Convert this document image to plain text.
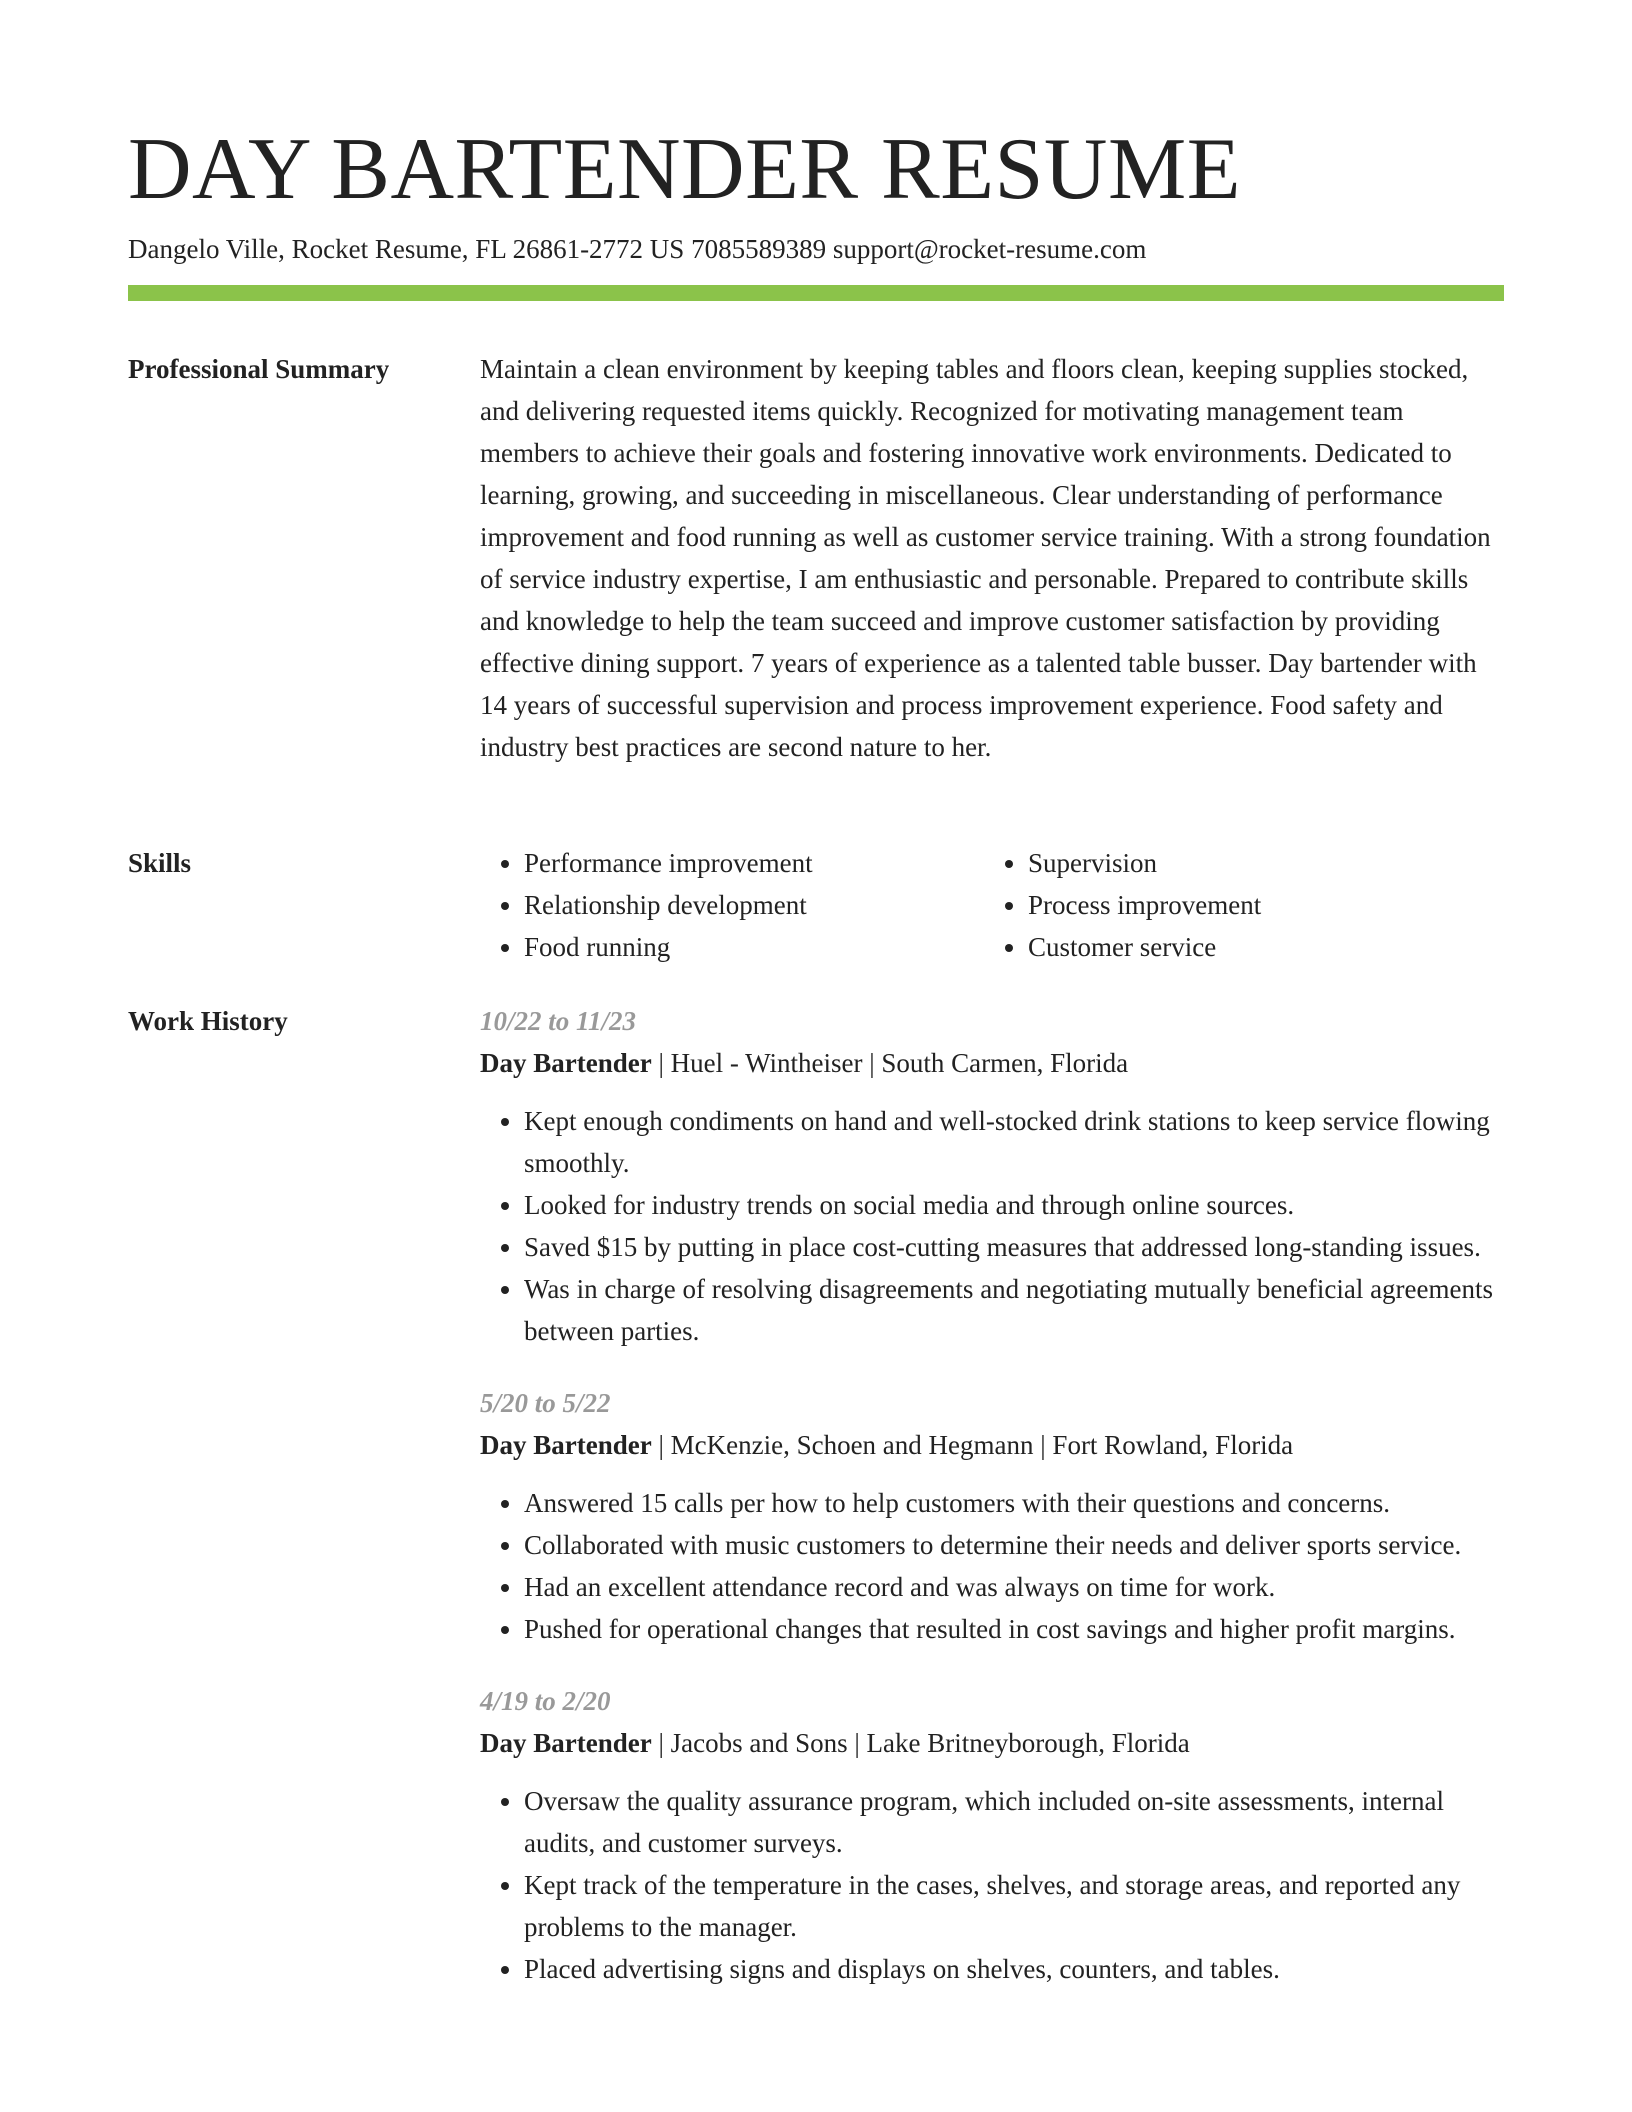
DAY BARTENDER RESUME
Dangelo Ville, Rocket Resume, FL 26861-2772 US 7085589389 support@rocket-resume.com
Professional Summary	Maintain a clean environment by keeping tables and floors clean, keeping supplies stocked, and delivering requested items quickly. Recognized for motivating management team members to achieve their goals and fostering innovative work environments. Dedicated to learning, growing, and succeeding in miscellaneous. Clear understanding of performance improvement and food running as well as customer service training. With a strong foundation of service industry expertise, I am enthusiastic and personable. Prepared to contribute skills and knowledge to help the team succeed and improve customer satisfaction by providing effective dining support. 7 years of experience as a talented table busser. Day bartender with 14 years of successful supervision and process improvement experience. Food safety and industry best practices are second nature to her.

Skills
•	Performance improvement
• Relationship development
• Food running
• Supervision
• Process improvement
• Customer service
Work History	10/22 to 11/23
Day Bartender | Huel - Wintheiser | South Carmen, Florida
• Kept enough condiments on hand and well-stocked drink stations to keep service flowing smoothly.
• Looked for industry trends on social media and through online sources.
• Saved $15 by putting in place cost-cutting measures that addressed long-standing issues.
• Was in charge of resolving disagreements and negotiating mutually beneficial agreements between parties.
5/20 to 5/22
Day Bartender | McKenzie, Schoen and Hegmann | Fort Rowland, Florida
• Answered 15 calls per how to help customers with their questions and concerns.
• Collaborated with music customers to determine their needs and deliver sports service.
• Had an excellent attendance record and was always on time for work.
• Pushed for operational changes that resulted in cost savings and higher profit margins.
4/19 to 2/20
Day Bartender | Jacobs and Sons | Lake Britneyborough, Florida
• Oversaw the quality assurance program, which included on-site assessments, internal audits, and customer surveys.
• Kept track of the temperature in the cases, shelves, and storage areas, and reported any problems to the manager.
• Placed advertising signs and displays on shelves, counters, and tables.
